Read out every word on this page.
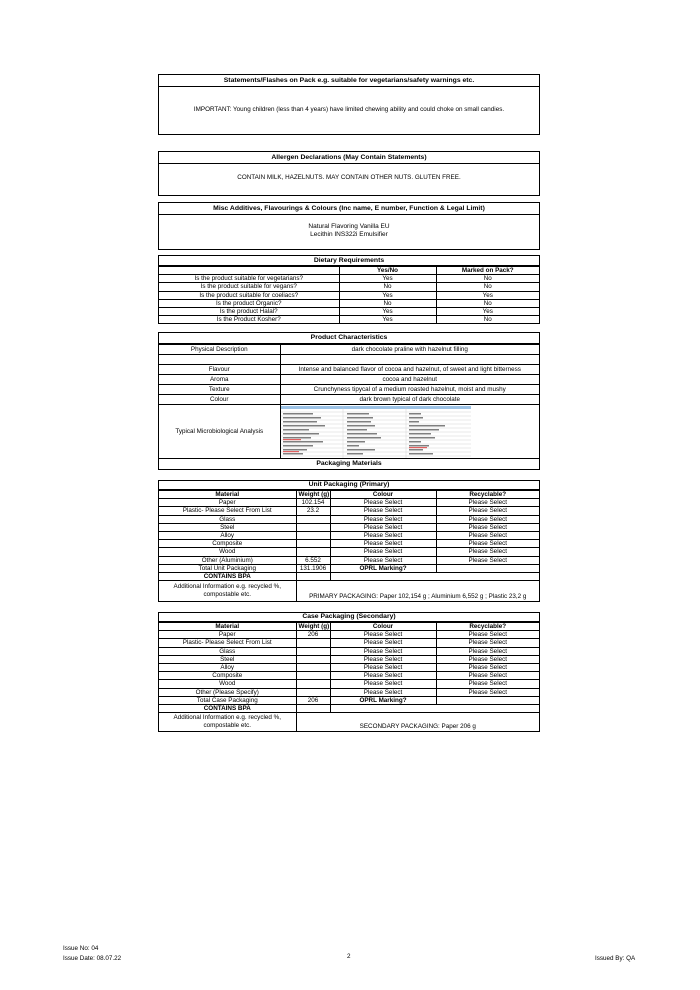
Statements/Flashes on Pack e.g. suitable for vegetarians/safety warnings etc.
IMPORTANT: Young children (less than 4 years) have limited chewing ability and could choke on small candies.
Allergen Declarations (May Contain Statements)
CONTAIN MILK, HAZELNUTS. MAY CONTAIN OTHER NUTS. GLUTEN FREE.
Misc Additives, Flavourings & Colours (Inc name, E number, Function & Legal Limit)
Natural Flavoring Vanilla EU
Lecithin INS322i Emulsifier
Dietary Requirements
	Yes/No	Marked on Pack?
Is the product suitable for vegetarians?	Yes	No
Is the product suitable for vegans?	No	No
Is the product suitable for coeliacs?	Yes	Yes
Is the product Organic?	No	No
Is the product Halal?	Yes	Yes
Is the Product Kosher?	Yes	No
Product Characteristics
Physical Description	dark chocolate praline with hazelnut filling

Flavour	Intense and balanced flavor of cocoa and hazelnut, of sweet and light bitterness
Aroma	cocoa and hazelnut
Texture	Crunchyness tipycal of a medium roasted hazelnut, moist and mushy
Colour	dark brown typical of dark chocolate
Typical Microbiological Analysis	
Packaging Materials
Unit Packaging (Primary)
Material	Weight (g)	Colour	Recyclable?
Paper	102.154	Please Select	Please Select
Plastic- Please Select From List	23.2	Please Select	Please Select
Glass		Please Select	Please Select
Steel		Please Select	Please Select
Alloy		Please Select	Please Select
Composite		Please Select	Please Select
Wood		Please Select	Please Select
Other (Aluminium)	6.552	Please Select	Please Select
Total Unit Packaging	131.1906	OPRL Marking?	
CONTAINS BPA			

Additional Information e.g. recycled %,
compostable etc.	PRIMARY PACKAGING: Paper 102,154 g ; Aluminium 6,552 g ; Plastic 23,2 g		
Case Packaging (Secondary)
Material	Weight (g)	Colour	Recyclable?
Paper	206	Please Select	Please Select
Plastic- Please Select From List		Please Select	Please Select
Glass		Please Select	Please Select
Steel		Please Select	Please Select
Alloy		Please Select	Please Select
Composite		Please Select	Please Select
Wood		Please Select	Please Select
Other (Please Specify)		Please Select	Please Select
Total Case Packaging	206	OPRL Marking?	
CONTAINS BPA			

Additional Information e.g. recycled %,
compostable etc.	SECONDARY PACKAGING: Paper 206 g		
Issue No: 04
Issue Date: 08.07.22	2	Issued By: QA
